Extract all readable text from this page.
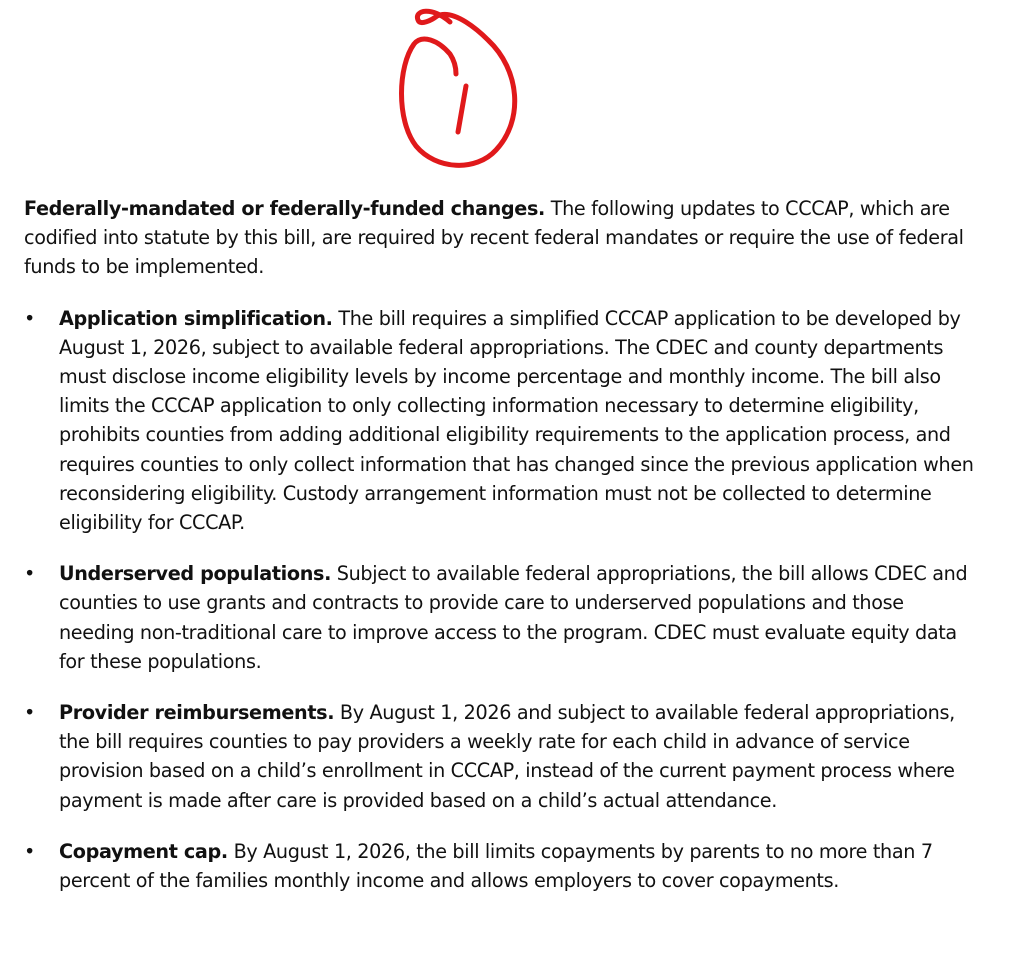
Federally-mandated or federally-funded changes. The following updates to CCCAP, which are codified into statute by this bill, are required by recent federal mandates or require the use of federal funds to be implemented.

•	Application simplification. The bill requires a simplified CCCAP application to be developed by August 1, 2026, subject to available federal appropriations. The CDEC and county departments must disclose income eligibility levels by income percentage and monthly income. The bill also limits the CCCAP application to only collecting information necessary to determine eligibility, prohibits counties from adding additional eligibility requirements to the application process, and requires counties to only collect information that has changed since the previous application when reconsidering eligibility. Custody arrangement information must not be collected to determine eligibility for CCCAP.
•	Underserved populations. Subject to available federal appropriations, the bill allows CDEC and counties to use grants and contracts to provide care to underserved populations and those needing non-traditional care to improve access to the program. CDEC must evaluate equity data for these populations.
•	Provider reimbursements. By August 1, 2026 and subject to available federal appropriations, the bill requires counties to pay providers a weekly rate for each child in advance of service provision based on a child’s enrollment in CCCAP, instead of the current payment process where payment is made after care is provided based on a child’s actual attendance.
•	Copayment cap. By August 1, 2026, the bill limits copayments by parents to no more than 7 percent of the families monthly income and allows employers to cover copayments.
